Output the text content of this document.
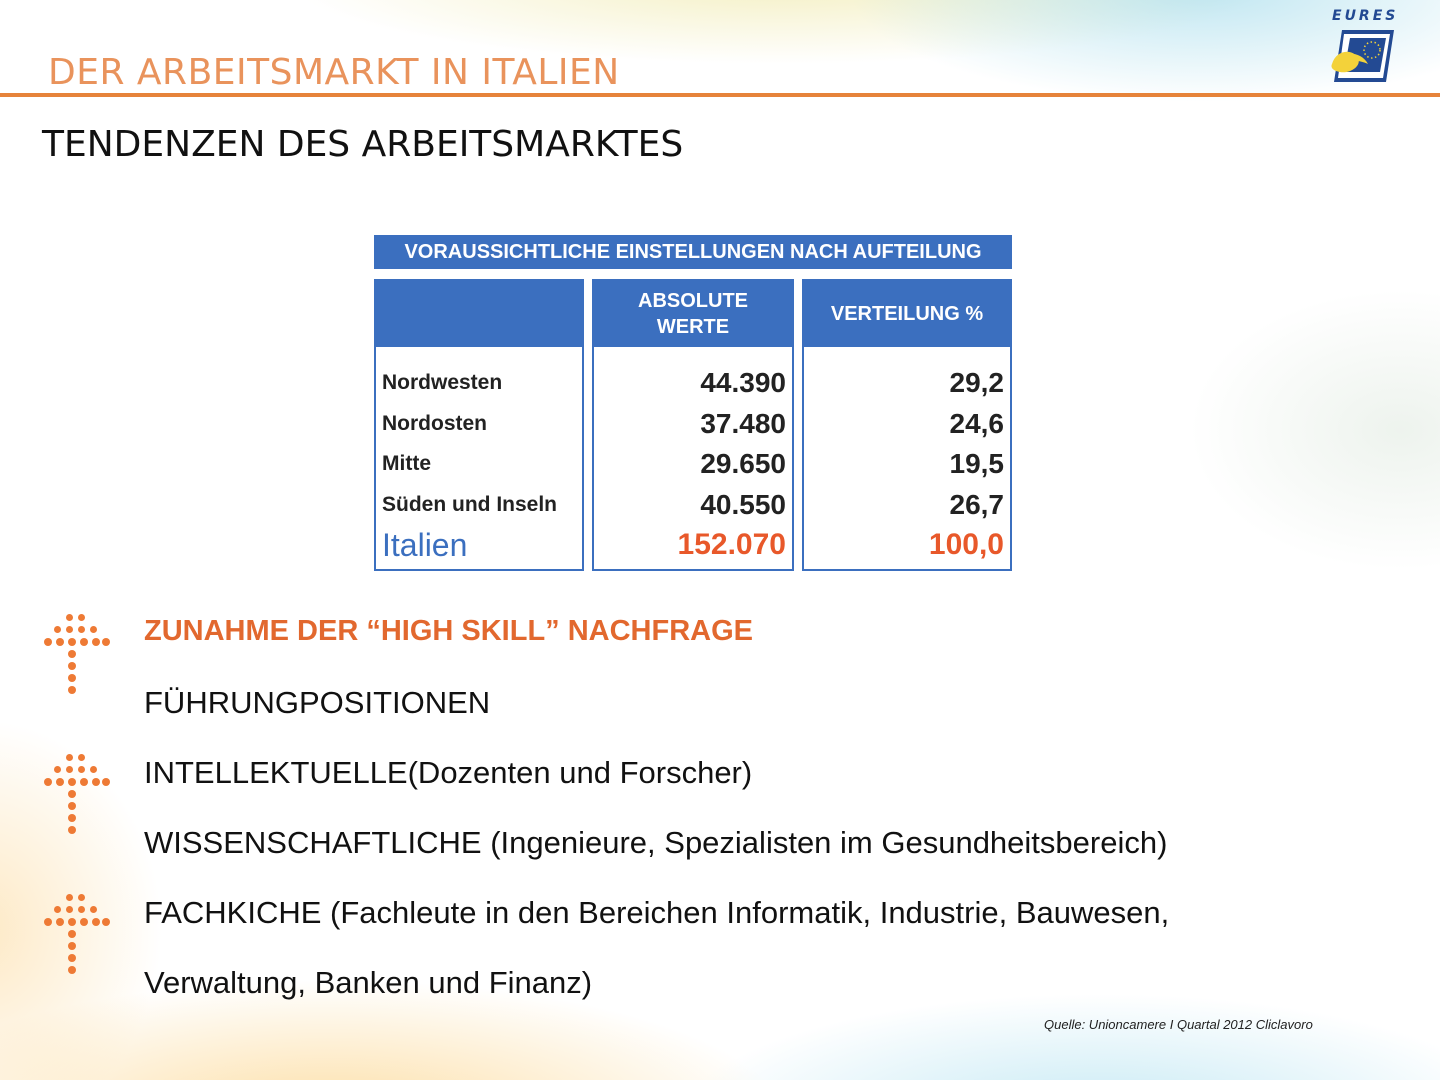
DER ARBEITSMARKT IN ITALIEN
EURES
TENDENZEN DES ARBEITSMARKTES
VORAUSSICHTLICHE EINSTELLUNGEN NACH AUFTEILUNG
Nordwesten
Nordosten
Mitte
Süden und Inseln
Italien
ABSOLUTE WERTE
44.390
37.480
29.650
40.550
152.070
VERTEILUNG %
29,2
24,6
19,5
26,7
100,0
ZUNAHME DER “HIGH SKILL” NACHFRAGE
FÜHRUNGPOSITIONEN
INTELLEKTUELLE(Dozenten und Forscher)
WISSENSCHAFTLICHE (Ingenieure, Spezialisten im Gesundheitsbereich)
FACHKICHE (Fachleute in den Bereichen Informatik, Industrie, Bauwesen,
Verwaltung, Banken und Finanz)
Quelle: Unioncamere I Quartal 2012 Cliclavoro
